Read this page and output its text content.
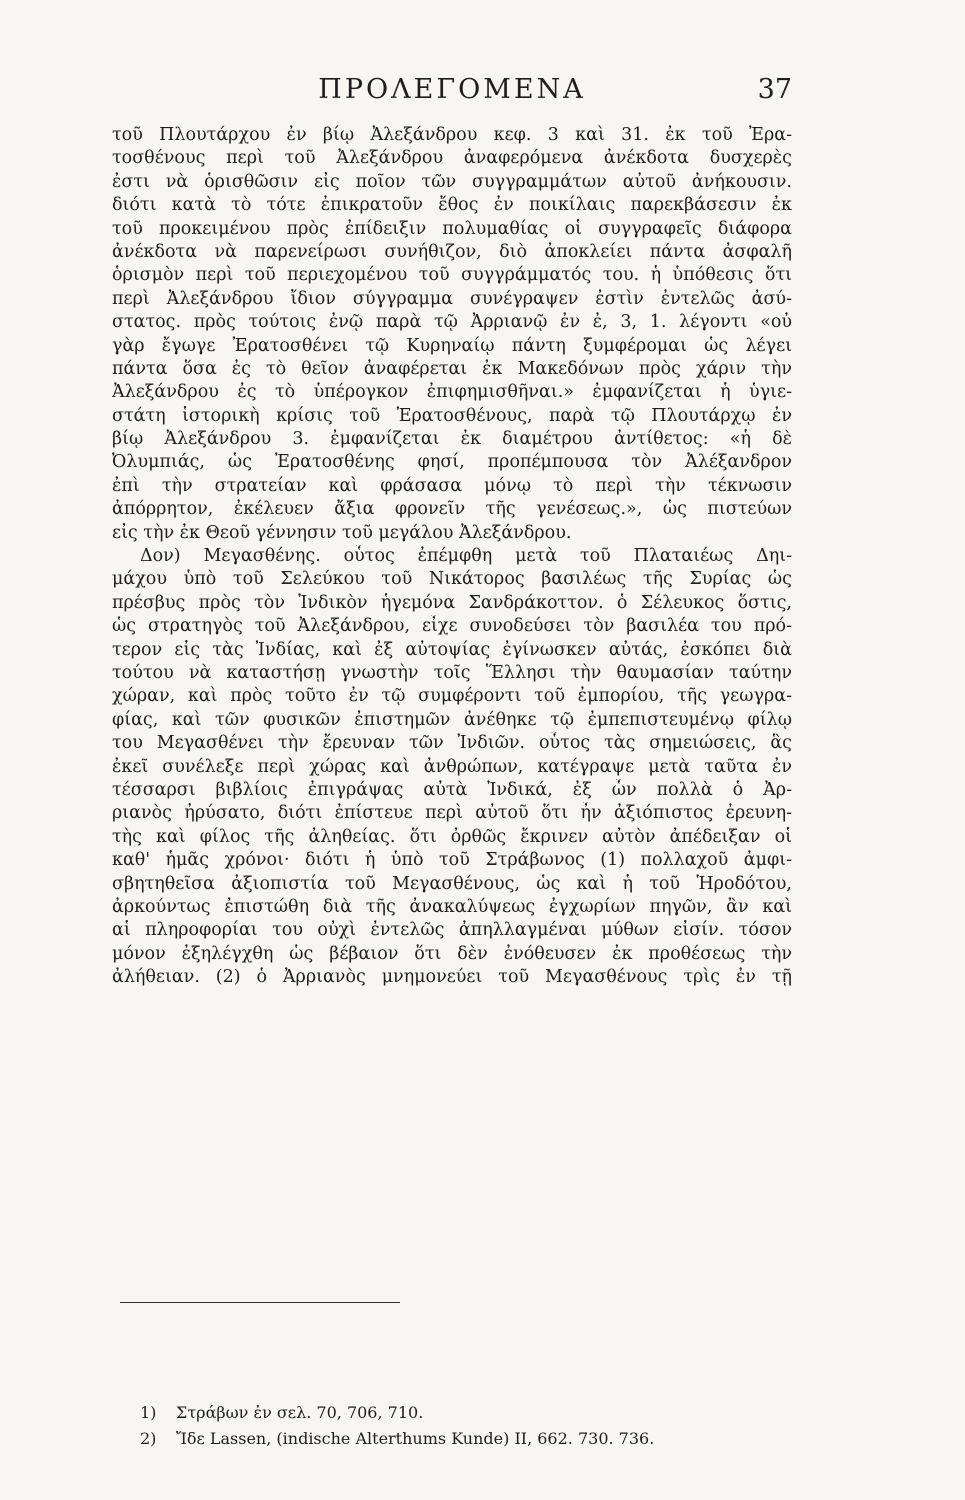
ΠΡΟΛΕΓΟΜΕΝΑ	37
τοῦ Πλουτάρχου ἐν βίῳ Ἀλεξάνδρου κεφ. 3 καὶ 31. ἐκ τοῦ Ἐρα-
τοσθένους περὶ τοῦ Ἀλεξάνδρου ἀναφερόμενα ἀνέκδοτα δυσχερὲς
ἐστι νὰ ὁρισθῶσιν εἰς ποῖον τῶν συγγραμμάτων αὐτοῦ ἀνήκουσιν.
διότι κατὰ τὸ τότε ἐπικρατοῦν ἔθος ἐν ποικίλαις παρεκβάσεσιν ἐκ
τοῦ προκειμένου πρὸς ἐπίδειξιν πολυμαθίας οἱ συγγραφεῖς διάφορα
ἀνέκδοτα νὰ παρενείρωσι συνήθιζον, διὸ ἀποκλείει πάντα ἀσφαλῆ
ὁρισμὸν περὶ τοῦ περιεχομένου τοῦ συγγράμματός του. ἡ ὑπόθεσις ὅτι
περὶ Ἀλεξάνδρου ἴδιον σύγγραμμα συνέγραψεν ἐστὶν ἐντελῶς ἀσύ-
στατος. πρὸς τούτοις ἐνῷ παρὰ τῷ Ἀρριανῷ ἐν ἐ, 3, 1. λέγοντι «οὐ
γὰρ ἔγωγε Ἐρατοσθένει τῷ Κυρηναίῳ πάντη ξυμφέρομαι ὡς λέγει
πάντα ὅσα ἐς τὸ θεῖον ἀναφέρεται ἐκ Μακεδόνων πρὸς χάριν τὴν
Ἀλεξάνδρου ἐς τὸ ὑπέρογκον ἐπιφημισθῆναι.» ἐμφανίζεται ἡ ὑγιε-
στάτη ἱστορικὴ κρίσις τοῦ Ἐρατοσθένους, παρὰ τῷ Πλουτάρχῳ ἐν
βίῳ Ἀλεξάνδρου 3. ἐμφανίζεται ἐκ διαμέτρου ἀντίθετος: «ἡ δὲ
Ὀλυμπιάς, ὡς Ἐρατοσθένης φησί, προπέμπουσα τὸν Ἀλέξανδρον
ἐπὶ τὴν στρατείαν καὶ φράσασα μόνῳ τὸ περὶ τὴν τέκνωσιν
ἀπόρρητον, ἐκέλευεν ἄξια φρονεῖν τῆς γενέσεως.», ὡς πιστεύων
εἰς τὴν ἐκ Θεοῦ γέννησιν τοῦ μεγάλου Ἀλεξάνδρου.
Δον) Μεγασθένης. οὗτος ἐπέμφθη μετὰ τοῦ Πλαταιέως Δηι-
μάχου ὑπὸ τοῦ Σελεύκου τοῦ Νικάτορος βασιλέως τῆς Συρίας ὡς
πρέσβυς πρὸς τὸν Ἰνδικὸν ἡγεμόνα Σανδράκοττον. ὁ Σέλευκος ὅστις,
ὡς στρατηγὸς τοῦ Ἀλεξάνδρου, εἶχε συνοδεύσει τὸν βασιλέα του πρό-
τερον εἰς τὰς Ἰνδίας, καὶ ἐξ αὐτοψίας ἐγίνωσκεν αὐτάς, ἐσκόπει διὰ
τούτου νὰ καταστήσῃ γνωστὴν τοῖς Ἕλλησι τὴν θαυμασίαν ταύτην
χώραν, καὶ πρὸς τοῦτο ἐν τῷ συμφέροντι τοῦ ἐμπορίου, τῆς γεωγρα-
φίας, καὶ τῶν φυσικῶν ἐπιστημῶν ἀνέθηκε τῷ ἐμπεπιστευμένῳ φίλῳ
του Μεγασθένει τὴν ἔρευναν τῶν Ἰνδιῶν. οὗτος τὰς σημειώσεις, ἃς
ἐκεῖ συνέλεξε περὶ χώρας καὶ ἀνθρώπων, κατέγραψε μετὰ ταῦτα ἐν
τέσσαρσι βιβλίοις ἐπιγράψας αὐτὰ Ἰνδικά, ἐξ ὧν πολλὰ ὁ Ἀρ-
ριανὸς ἠρύσατο, διότι ἐπίστευε περὶ αὐτοῦ ὅτι ἦν ἀξιόπιστος ἐρευνη-
τὴς καὶ φίλος τῆς ἀληθείας. ὅτι ὀρθῶς ἔκρινεν αὐτὸν ἀπέδειξαν οἱ
καθ' ἡμᾶς χρόνοι· διότι ἡ ὑπὸ τοῦ Στράβωνος (1) πολλαχοῦ ἀμφι-
σβητηθεῖσα ἀξιοπιστία τοῦ Μεγασθένους, ὡς καὶ ἡ τοῦ Ἡροδότου,
ἀρκούντως ἐπιστώθη διὰ τῆς ἀνακαλύψεως ἐγχωρίων πηγῶν, ἂν καὶ
αἱ πληροφορίαι του οὐχὶ ἐντελῶς ἀπηλλαγμέναι μύθων εἰσίν. τόσον
μόνον ἐξηλέγχθη ὡς βέβαιον ὅτι δὲν ἐνόθευσεν ἐκ προθέσεως τὴν
ἀλήθειαν. (2) ὁ Ἀρριανὸς μνημονεύει τοῦ Μεγασθένους τρὶς ἐν τῇ
1) Στράβων ἐν σελ. 70, 706, 710.
2) Ἴδε Lassen, (indische Alterthums Kunde) II, 662. 730. 736.
